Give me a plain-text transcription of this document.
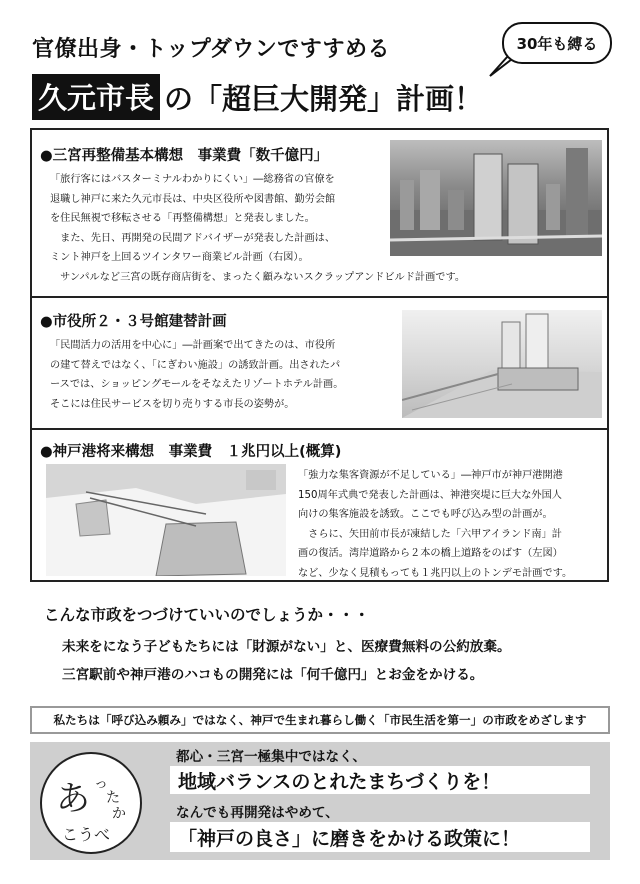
官僚出身・トップダウンですすめる
久元市長 の「超巨大開発」計画！
30年も縛る
●三宮再整備基本構想　事業費「数千億円」

「旅行客にはバスターミナルわかりにくい」―総務省の官僚を

退職し神戸に来た久元市長は、中央区役所や図書館、勤労会館

を住民無視で移転させる「再整備構想」と発表しました。

　また、先日、再開発の民間アドバイザーが発表した計画は、

ミント神戸を上回るツインタワー商業ビル計画（右図）。

　サンパルなど三宮の既存商店街を、まったく顧みないスクラップアンドビルド計画です。

●市役所２・３号館建替計画

「民間活力の活用を中心に」―計画案で出てきたのは、市役所

の建て替えではなく、「にぎわい施設」の誘致計画。出されたパ

ースでは、ショッピングモールをそなえたリゾートホテル計画。

そこには住民サービスを切り売りする市長の姿勢が。

●神戸港将来構想　事業費　１兆円以上(概算)

「強力な集客資源が不足している」―神戸市が神戸港開港

150周年式典で発表した計画は、神港突堤に巨大な外国人

向けの集客施設を誘致。ここでも呼び込み型の計画が。

　さらに、矢田前市長が凍結した「六甲アイランド南」計

画の復活。湾岸道路から２本の橋上道路をのばす（左図）

など、少なく見積もっても１兆円以上のトンデモ計画です。

こんな市政をつづけていいのでしょうか・・・
未来をになう子どもたちには「財源がない」と、医療費無料の公約放棄。
三宮駅前や神戸港のハコもの開発には「何千億円」とお金をかける。
私たちは「呼び込み頼み」ではなく、神戸で生まれ暮らし働く「市民生活を第一」の市政をめざします
あ っ
た
か
こうべ
都心・三宮一極集中ではなく、
地域バランスのとれたまちづくりを！
なんでも再開発はやめて、
「神戸の良さ」に磨きをかける政策に！
